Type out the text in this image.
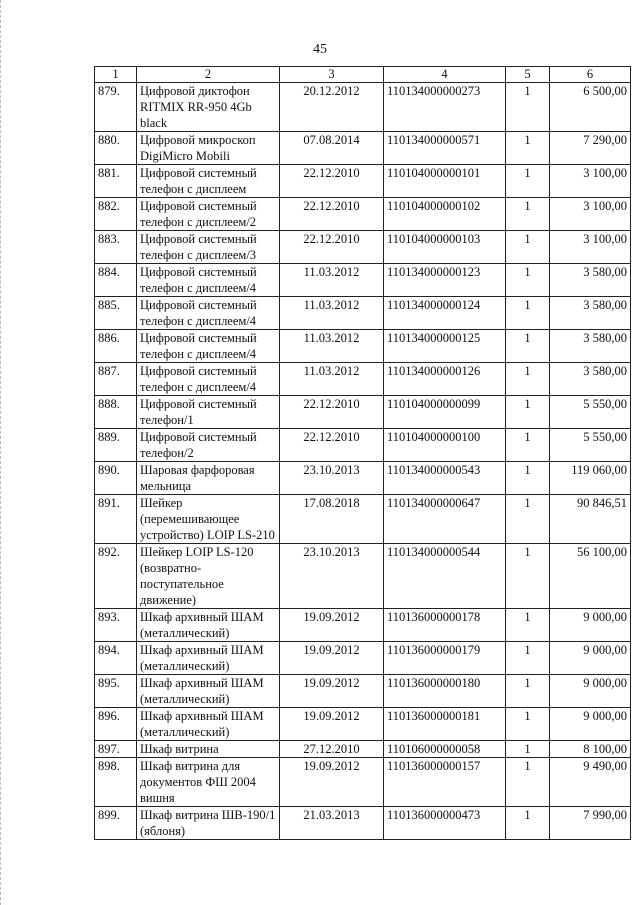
45
1	2	3	4	5	6
879.	Цифровой диктофон RITMIX RR-950 4Gb black	20.12.2012	110134000000273	1	6 500,00
880.	Цифровой микроскоп DigiMicro Mobili	07.08.2014	110134000000571	1	7 290,00
881.	Цифровой системный телефон с дисплеем	22.12.2010	110104000000101	1	3 100,00
882.	Цифровой системный телефон с дисплеем/2	22.12.2010	110104000000102	1	3 100,00
883.	Цифровой системный телефон с дисплеем/3	22.12.2010	110104000000103	1	3 100,00
884.	Цифровой системный телефон с дисплеем/4	11.03.2012	110134000000123	1	3 580,00
885.	Цифровой системный телефон с дисплеем/4	11.03.2012	110134000000124	1	3 580,00
886.	Цифровой системный телефон с дисплеем/4	11.03.2012	110134000000125	1	3 580,00
887.	Цифровой системный телефон с дисплеем/4	11.03.2012	110134000000126	1	3 580,00
888.	Цифровой системный телефон/1	22.12.2010	110104000000099	1	5 550,00
889.	Цифровой системный телефон/2	22.12.2010	110104000000100	1	5 550,00
890.	Шаровая фарфоровая мельница	23.10.2013	110134000000543	1	119 060,00
891.	Шейкер (перемешивающее устройство) LOIP LS-210	17.08.2018	110134000000647	1	90 846,51
892.	Шейкер LOIP LS-120 (возвратно-поступательное движение)	23.10.2013	110134000000544	1	56 100,00
893.	Шкаф архивный ШАМ (металлический)	19.09.2012	110136000000178	1	9 000,00
894.	Шкаф архивный ШАМ (металлический)	19.09.2012	110136000000179	1	9 000,00
895.	Шкаф архивный ШАМ (металлический)	19.09.2012	110136000000180	1	9 000,00
896.	Шкаф архивный ШАМ (металлический)	19.09.2012	110136000000181	1	9 000,00
897.	Шкаф витрина	27.12.2010	110106000000058	1	8 100,00
898.	Шкаф витрина для документов ФШ 2004 вишня	19.09.2012	110136000000157	1	9 490,00
899.	Шкаф витрина ШВ-190/1 (яблоня)	21.03.2013	110136000000473	1	7 990,00
